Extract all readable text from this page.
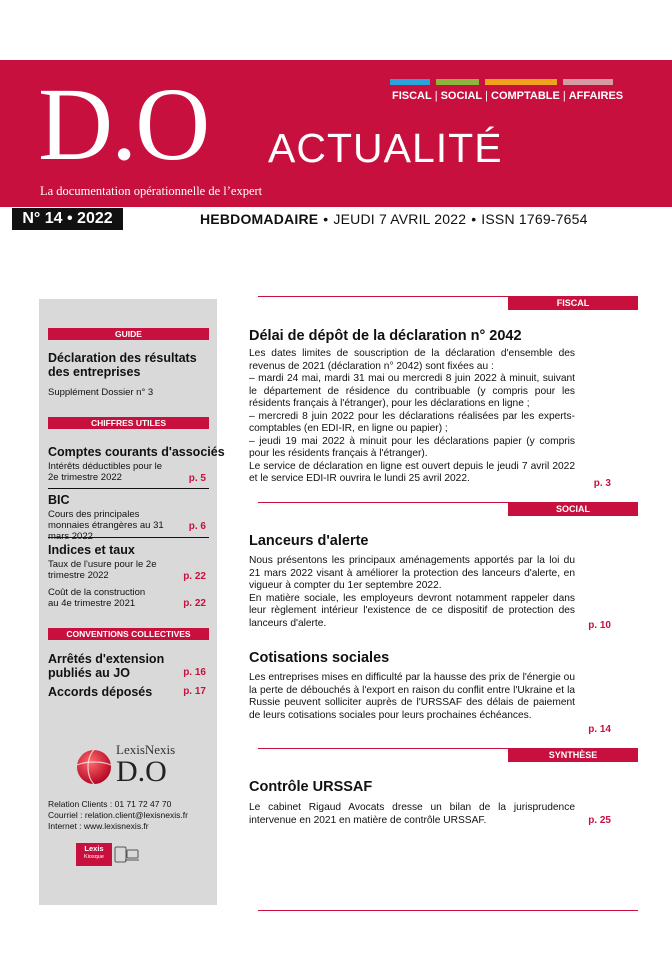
FISCAL | SOCIAL | COMPTABLE | AFFAIRES
D.O ACTUALITÉ
La documentation opérationnelle de l’expert
N° 14 • 2022	HEBDOMADAIRE • JEUDI 7 AVRIL 2022 • ISSN 1769-7654
GUIDE
Déclaration des résultats des entreprises
Supplément Dossier n° 3
CHIFFRES UTILES
Comptes courants d'associés
Intérêts déductibles pour le 2e trimestre 2022	p. 5
BIC
Cours des principales monnaies étrangères au 31	p. 6
Indices et taux
Taux de l'usure pour le 2e trimestre 2022	p. 22
Coût de la construction au 4e trimestre 2021	p. 22
CONVENTIONS COLLECTIVES
Arrêtés d'extension publiés au JO	p. 16
Accords déposés	p. 17
LexisNexis
D.O
Relation Clients : 01 71 72 47 70
Courriel : relation.client@lexisnexis.fr
Internet : www.lexisnexis.fr
Lexis
Kiosque
FISCAL
Délai de dépôt de la déclaration n° 2042
Les dates limites de souscription de la déclaration d'ensemble des revenus de 2021 (déclaration n° 2042) sont fixées au :
– mardi 24 mai, mardi 31 mai ou mercredi 8 juin 2022 à minuit, suivant le département de résidence du contribuable (y compris pour les résidents français à l'étranger), pour les déclarations en ligne ;
– mercredi 8 juin 2022 pour les déclarations réalisées par les experts-comptables (en EDI-IR, en ligne ou papier) ;
– jeudi 19 mai 2022 à minuit pour les déclarations papier (y compris pour les résidents français à l'étranger).
Le service de déclaration en ligne est ouvert depuis le jeudi 7 avril 2022 et le service EDI-IR ouvrira le lundi 25 avril 2022.	p. 3
SOCIAL
Lanceurs d'alerte
Nous présentons les principaux aménagements apportés par la loi du 21 mars 2022 visant à améliorer la protection des lanceurs d'alerte, en vigueur à compter du 1er septembre 2022.
En matière sociale, les employeurs devront notamment rappeler dans leur règlement intérieur l'existence de ce dispositif de protection des lanceurs d'alerte.	p. 10
Cotisations sociales
Les entreprises mises en difficulté par la hausse des prix de l'énergie ou la perte de débouchés à l'export en raison du conflit entre l'Ukraine et la Russie peuvent solliciter auprès de l'URSSAF des délais de paiement de leurs cotisations sociales pour leurs prochaines échéances.
p. 14
SYNTHÈSE
Contrôle URSSAF
Le cabinet Rigaud Avocats dresse un bilan de la jurisprudence intervenue en 2021 en matière de contrôle URSSAF.	p. 25
